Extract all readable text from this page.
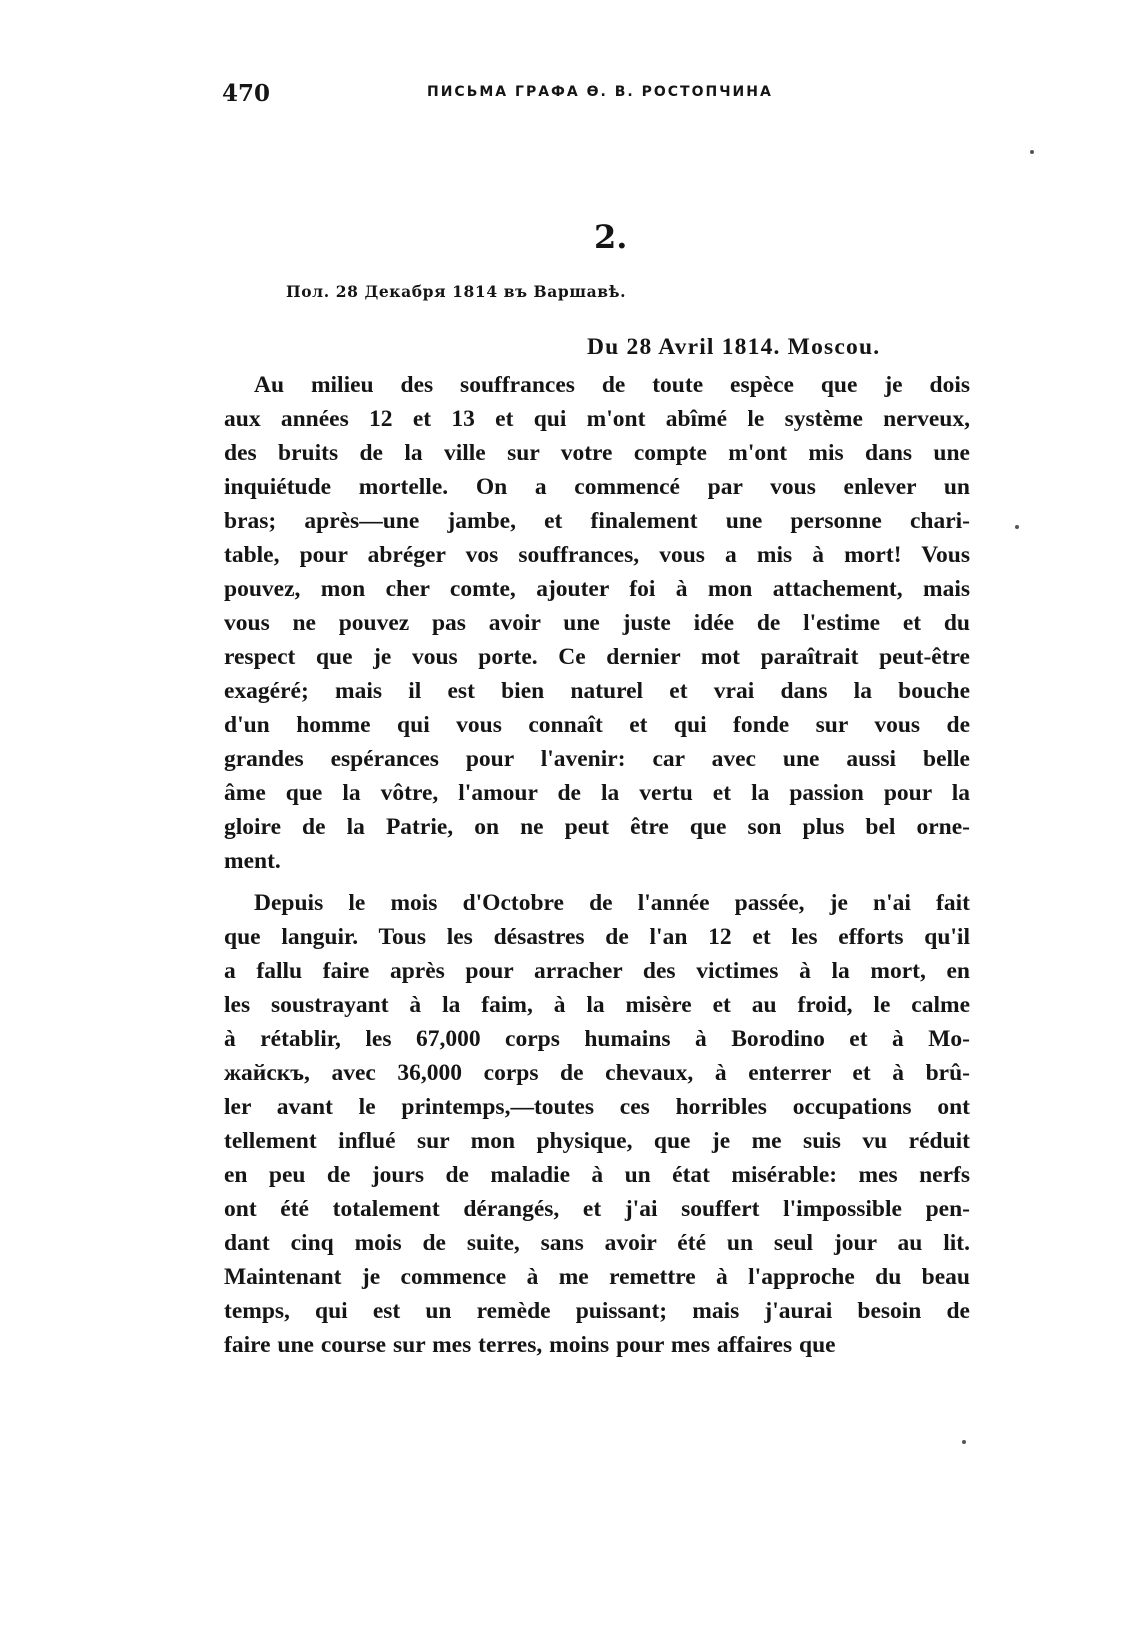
470	ПИСЬМА ГРАФА Ѳ. В. РОСТОПЧИНА
2.
Пол. 28 Декабря 1814 въ Варшавѣ.
Du 28 Avril 1814. Moscou.
Au milieu des souffrances de toute espèce que je dois
aux années 12 et 13 et qui m'ont abîmé le système nerveux,
des bruits de la ville sur votre compte m'ont mis dans une
inquiétude mortelle. On a commencé par vous enlever un
bras; après—une jambe, et finalement une personne chari-
table, pour abréger vos souffrances, vous a mis à mort! Vous
pouvez, mon cher comte, ajouter foi à mon attachement, mais
vous ne pouvez pas avoir une juste idée de l'estime et du
respect que je vous porte. Ce dernier mot paraîtrait peut-être
exagéré; mais il est bien naturel et vrai dans la bouche
d'un homme qui vous connaît et qui fonde sur vous de
grandes espérances pour l'avenir: car avec une aussi belle
âme que la vôtre, l'amour de la vertu et la passion pour la
gloire de la Patrie, on ne peut être que son plus bel orne-
ment.
Depuis le mois d'Octobre de l'année passée, je n'ai fait
que languir. Tous les désastres de l'an 12 et les efforts qu'il
a fallu faire après pour arracher des victimes à la mort, en
les soustrayant à la faim, à la misère et au froid, le calme
à rétablir, les 67,000 corps humains à Borodino et à Mo-
жайскъ, avec 36,000 corps de chevaux, à enterrer et à brû-
ler avant le printemps,—toutes ces horribles occupations ont
tellement influé sur mon physique, que je me suis vu réduit
en peu de jours de maladie à un état misérable: mes nerfs
ont été totalement dérangés, et j'ai souffert l'impossible pen-
dant cinq mois de suite, sans avoir été un seul jour au lit.
Maintenant je commence à me remettre à l'approche du beau
temps, qui est un remède puissant; mais j'aurai besoin de
faire une course sur mes terres, moins pour mes affaires que
